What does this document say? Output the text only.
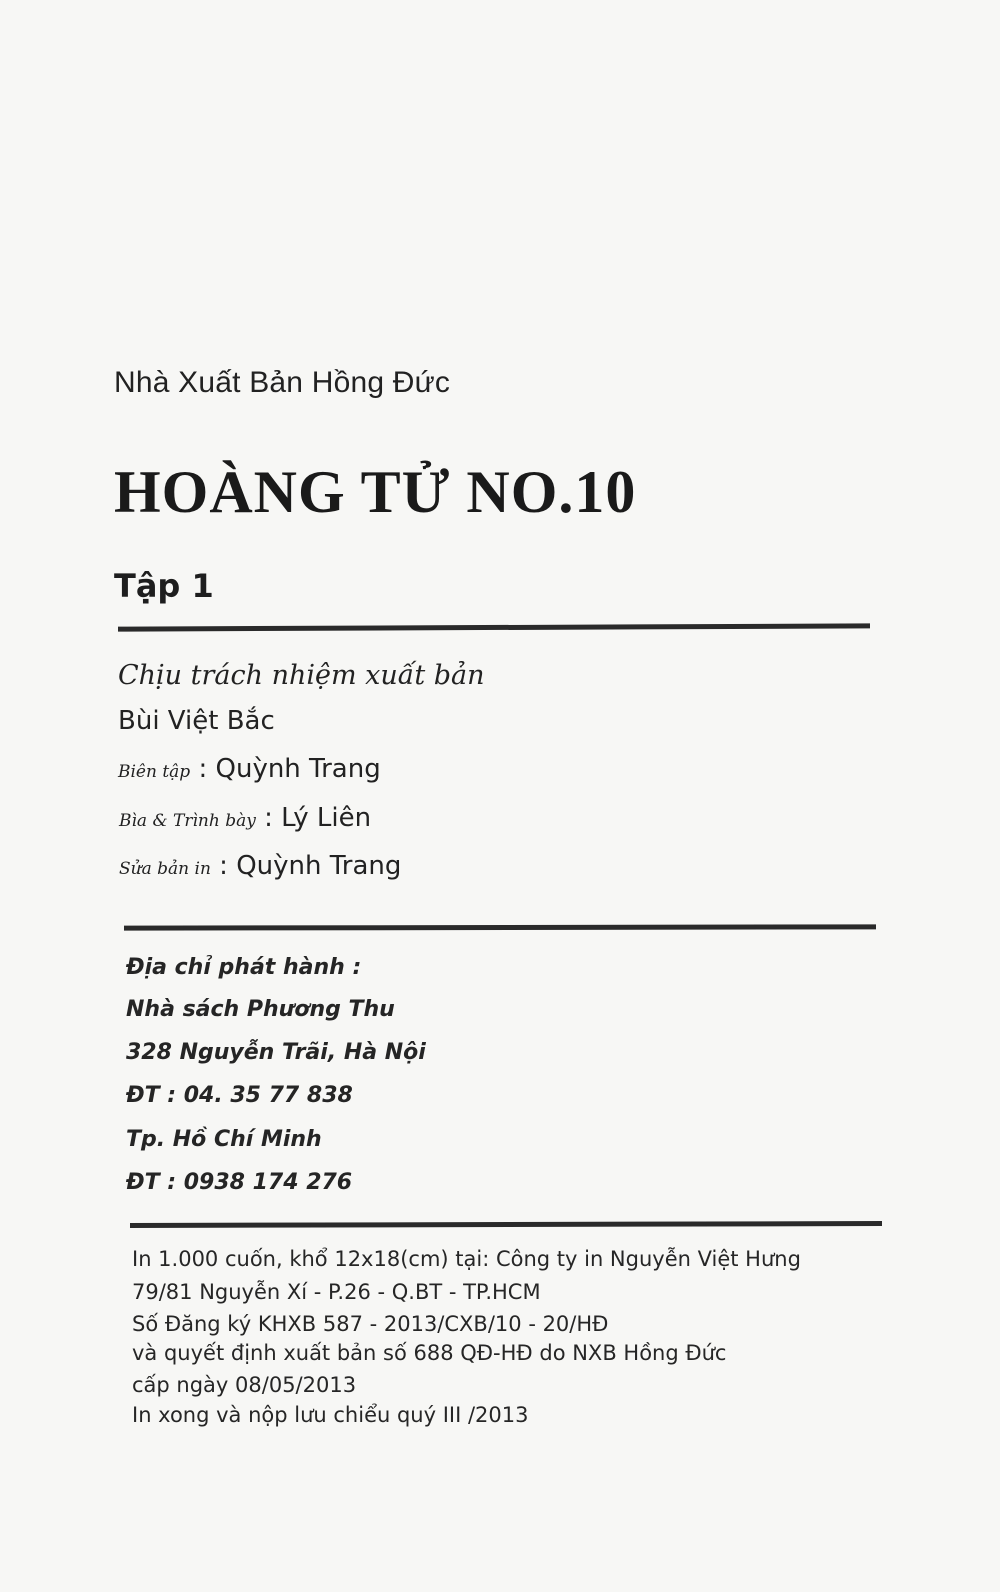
Nhà Xuất Bản Hồng Đức
HOÀNG TỬ NO.10
Tập 1
Chịu trách nhiệm xuất bản
Bùi Việt Bắc
Biên tập : Quỳnh Trang
Bìa & Trình bày : Lý Liên
Sửa bản in : Quỳnh Trang
Địa chỉ phát hành :
Nhà sách Phương Thu
328 Nguyễn Trãi, Hà Nội
ĐT : 04. 35 77 838
Tp. Hồ Chí Minh
ĐT : 0938 174 276
In 1.000 cuốn, khổ 12x18(cm) tại: Công ty in Nguyễn Việt Hưng
79/81 Nguyễn Xí - P.26 - Q.BT - TP.HCM
Số Đăng ký KHXB 587 - 2013/CXB/10 - 20/HĐ
và quyết định xuất bản số 688 QĐ-HĐ do NXB Hồng Đức
cấp ngày 08/05/2013
In xong và nộp lưu chiểu quý III /2013
